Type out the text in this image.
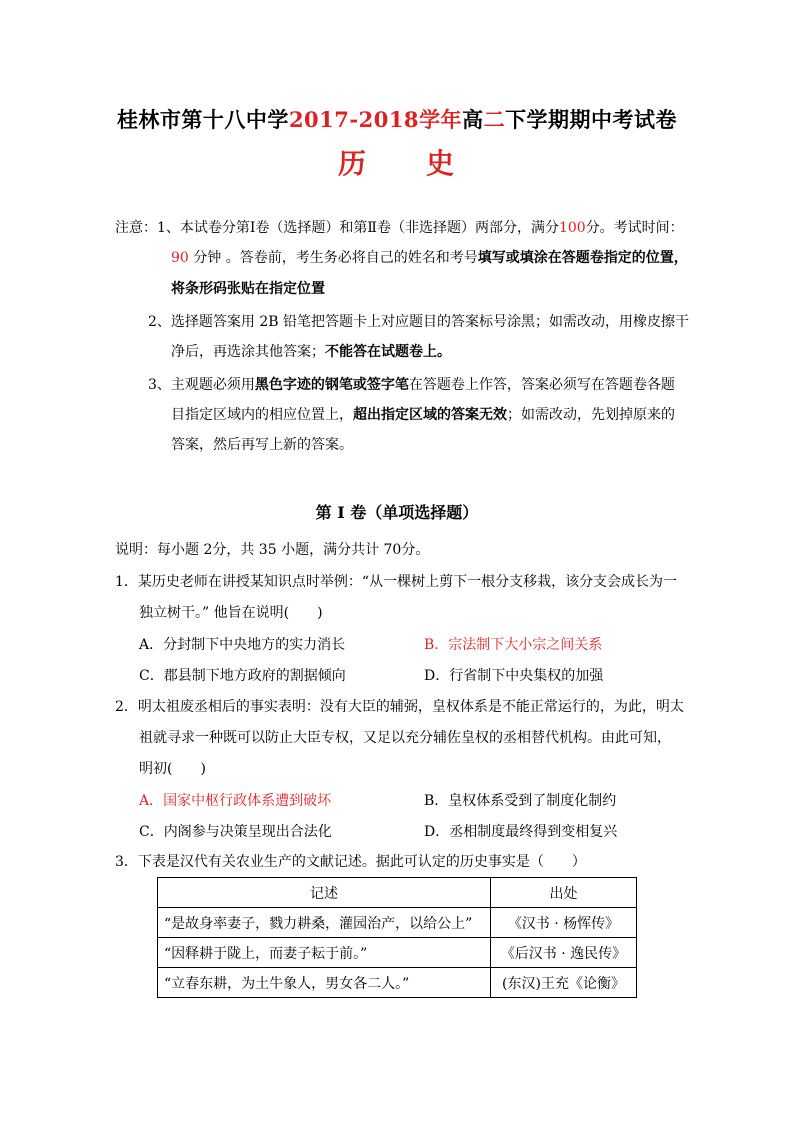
桂林市第十八中学2017-2018学年高二下学期期中考试卷
历 史
注意：1、本试卷分第Ⅰ卷（选择题）和第Ⅱ卷（非选择题）两部分，满分100分。考试时间：
90 分钟 。答卷前，考生务必将自己的姓名和考号填写或填涂在答题卷指定的位置，
将条形码张贴在指定位置
2、选择题答案用 2B 铅笔把答题卡上对应题目的答案标号涂黑；如需改动，用橡皮擦干
净后，再选涂其他答案；不能答在试题卷上。
3、主观题必须用黑色字迹的钢笔或签字笔在答题卷上作答，答案必须写在答题卷各题
目指定区域内的相应位置上，超出指定区域的答案无效；如需改动，先划掉原来的
答案，然后再写上新的答案。
第 I 卷（单项选择题）
说明：每小题 2分，共 35 小题，满分共计 70分。
1．某历史老师在讲授某知识点时举例：“从一棵树上剪下一根分支移栽，该分支会成长为一
独立树干。” 他旨在说明(　　)
A．分封制下中央地方的实力消长	B．宗法制下大小宗之间关系
C．郡县制下地方政府的割据倾向	D．行省制下中央集权的加强
2．明太祖废丞相后的事实表明：没有大臣的辅弼，皇权体系是不能正常运行的，为此，明太
祖就寻求一种既可以防止大臣专权，又足以充分辅佐皇权的丞相替代机构。由此可知，
明初(　　)
A．国家中枢行政体系遭到破坏	B．皇权体系受到了制度化制约
C．内阁参与决策呈现出合法化	D．丞相制度最终得到变相复兴
3．下表是汉代有关农业生产的文献记述。据此可认定的历史事实是（　　）
记述	出处
“是故身率妻子，戮力耕桑，灌园治产，以给公上”	《汉书 · 杨恽传》
“因释耕于陇上，而妻子耘于前。”	《后汉书 · 逸民传》
“立春东耕，为土牛象人，男女各二人。”	(东汉)王充《论衡》
